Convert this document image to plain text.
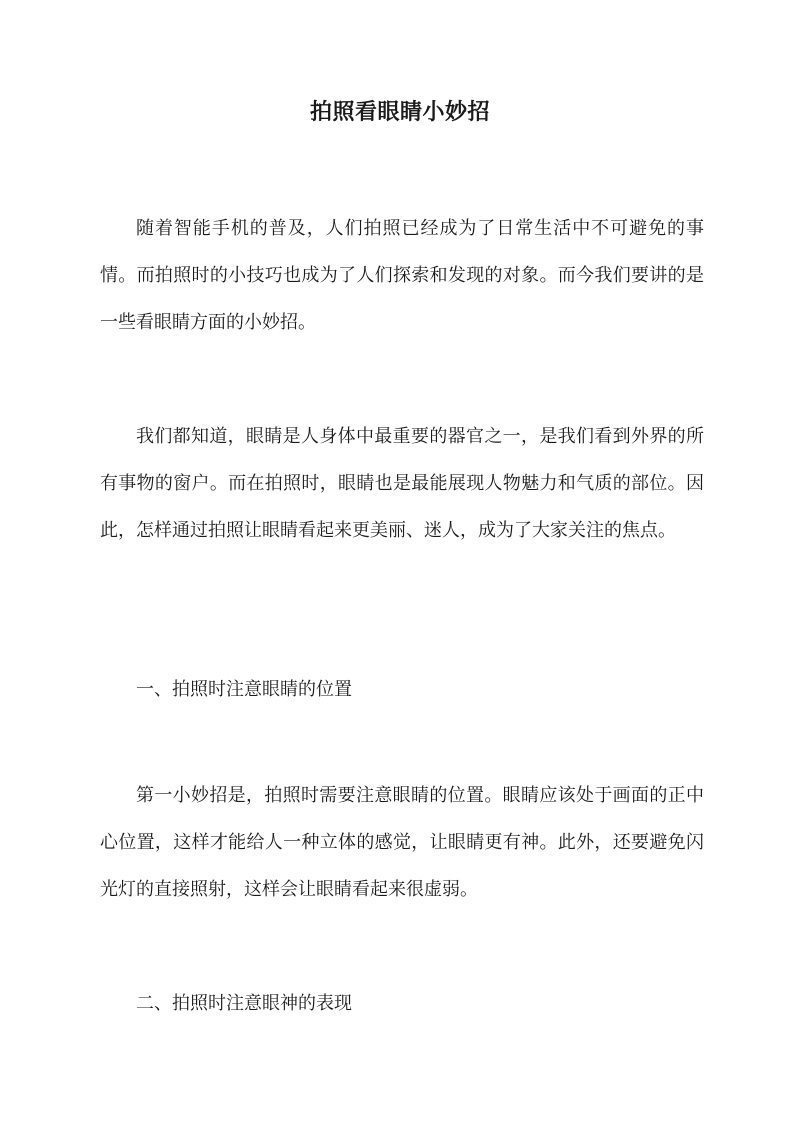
拍照看眼睛小妙招

随着智能手机的普及，人们拍照已经成为了日常生活中不可避免的事情。而拍照时的小技巧也成为了人们探索和发现的对象。而今我们要讲的是一些看眼睛方面的小妙招。

我们都知道，眼睛是人身体中最重要的器官之一，是我们看到外界的所有事物的窗户。而在拍照时，眼睛也是最能展现人物魅力和气质的部位。因此，怎样通过拍照让眼睛看起来更美丽、迷人，成为了大家关注的焦点。

一、拍照时注意眼睛的位置

第一小妙招是，拍照时需要注意眼睛的位置。眼睛应该处于画面的正中心位置，这样才能给人一种立体的感觉，让眼睛更有神。此外，还要避免闪光灯的直接照射，这样会让眼睛看起来很虚弱。

二、拍照时注意眼神的表现
